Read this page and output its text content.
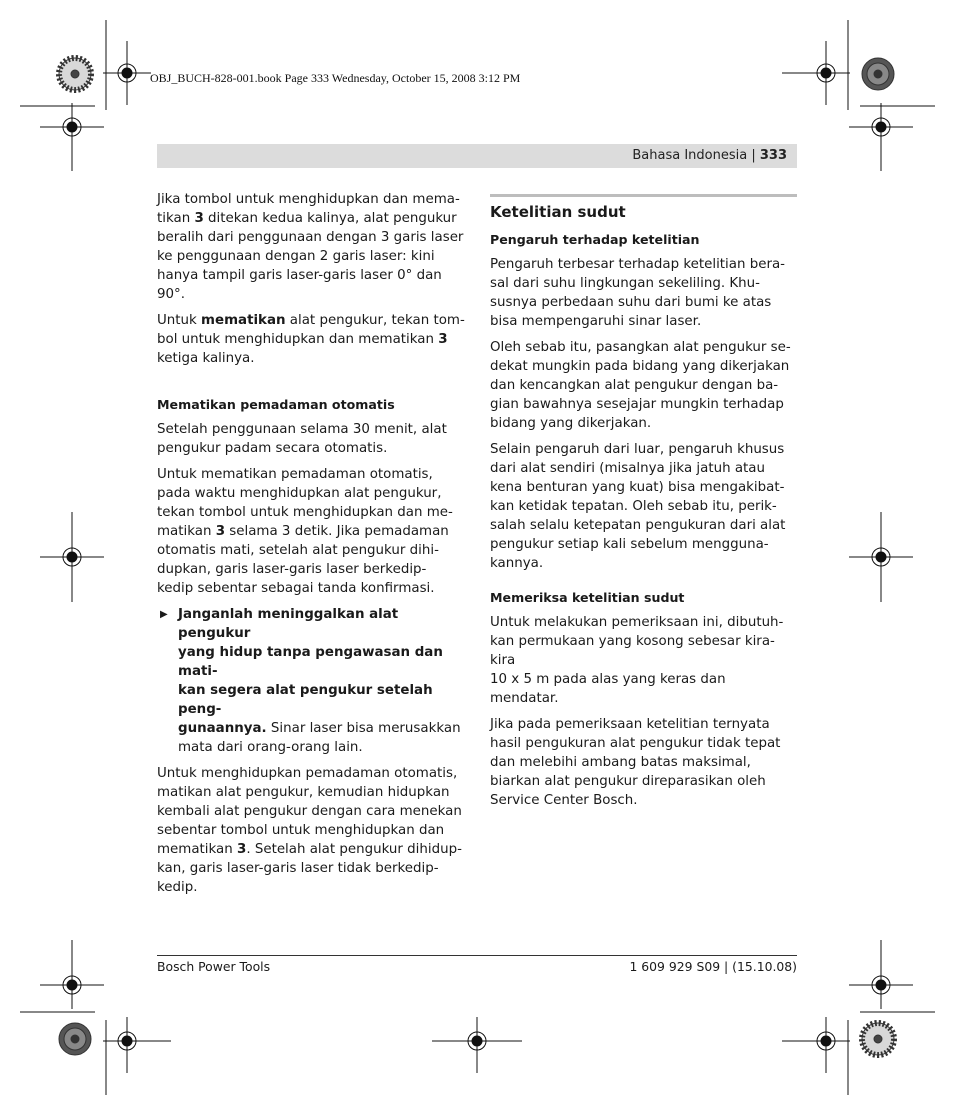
OBJ_BUCH-828-001.book Page 333 Wednesday, October 15, 2008 3:12 PM
Bahasa Indonesia | 333

Jika tombol untuk menghidupkan dan mema-
tikan 3 ditekan kedua kalinya, alat pengukur
beralih dari penggunaan dengan 3 garis laser
ke penggunaan dengan 2 garis laser: kini
hanya tampil garis laser-garis laser 0° dan 90°.

Untuk mematikan alat pengukur, tekan tom-
bol untuk menghidupkan dan mematikan 3
ketiga kalinya.

Mematikan pemadaman otomatis

Setelah penggunaan selama 30 menit, alat
pengukur padam secara otomatis.

Untuk mematikan pemadaman otomatis,
pada waktu menghidupkan alat pengukur,
tekan tombol untuk menghidupkan dan me-
matikan 3 selama 3 detik. Jika pemadaman
otomatis mati, setelah alat pengukur dihi-
dupkan, garis laser-garis laser berkedip-
kedip sebentar sebagai tanda konfirmasi.

▶ Janganlah meninggalkan alat pengukur
yang hidup tanpa pengawasan dan mati-
kan segera alat pengukur setelah peng-
gunaannya. Sinar laser bisa merusakkan
mata dari orang-orang lain.

Untuk menghidupkan pemadaman otomatis,
matikan alat pengukur, kemudian hidupkan
kembali alat pengukur dengan cara menekan
sebentar tombol untuk menghidupkan dan
mematikan 3. Setelah alat pengukur dihidup-
kan, garis laser-garis laser tidak berkedip-
kedip.

Ketelitian sudut
Pengaruh terhadap ketelitian

Pengaruh terbesar terhadap ketelitian bera-
sal dari suhu lingkungan sekeliling. Khu-
susnya perbedaan suhu dari bumi ke atas
bisa mempengaruhi sinar laser.

Oleh sebab itu, pasangkan alat pengukur se-
dekat mungkin pada bidang yang dikerjakan
dan kencangkan alat pengukur dengan ba-
gian bawahnya sesejajar mungkin terhadap
bidang yang dikerjakan.

Selain pengaruh dari luar, pengaruh khusus
dari alat sendiri (misalnya jika jatuh atau
kena benturan yang kuat) bisa mengakibat-
kan ketidak tepatan. Oleh sebab itu, perik-
salah selalu ketepatan pengukuran dari alat
pengukur setiap kali sebelum mengguna-
kannya.

Memeriksa ketelitian sudut

Untuk melakukan pemeriksaan ini, dibutuh-
kan permukaan yang kosong sebesar kira-kira
10 x 5 m pada alas yang keras dan mendatar.

Jika pada pemeriksaan ketelitian ternyata
hasil pengukuran alat pengukur tidak tepat
dan melebihi ambang batas maksimal,
biarkan alat pengukur direparasikan oleh
Service Center Bosch.

Bosch Power Tools	1 609 929 S09 | (15.10.08)
